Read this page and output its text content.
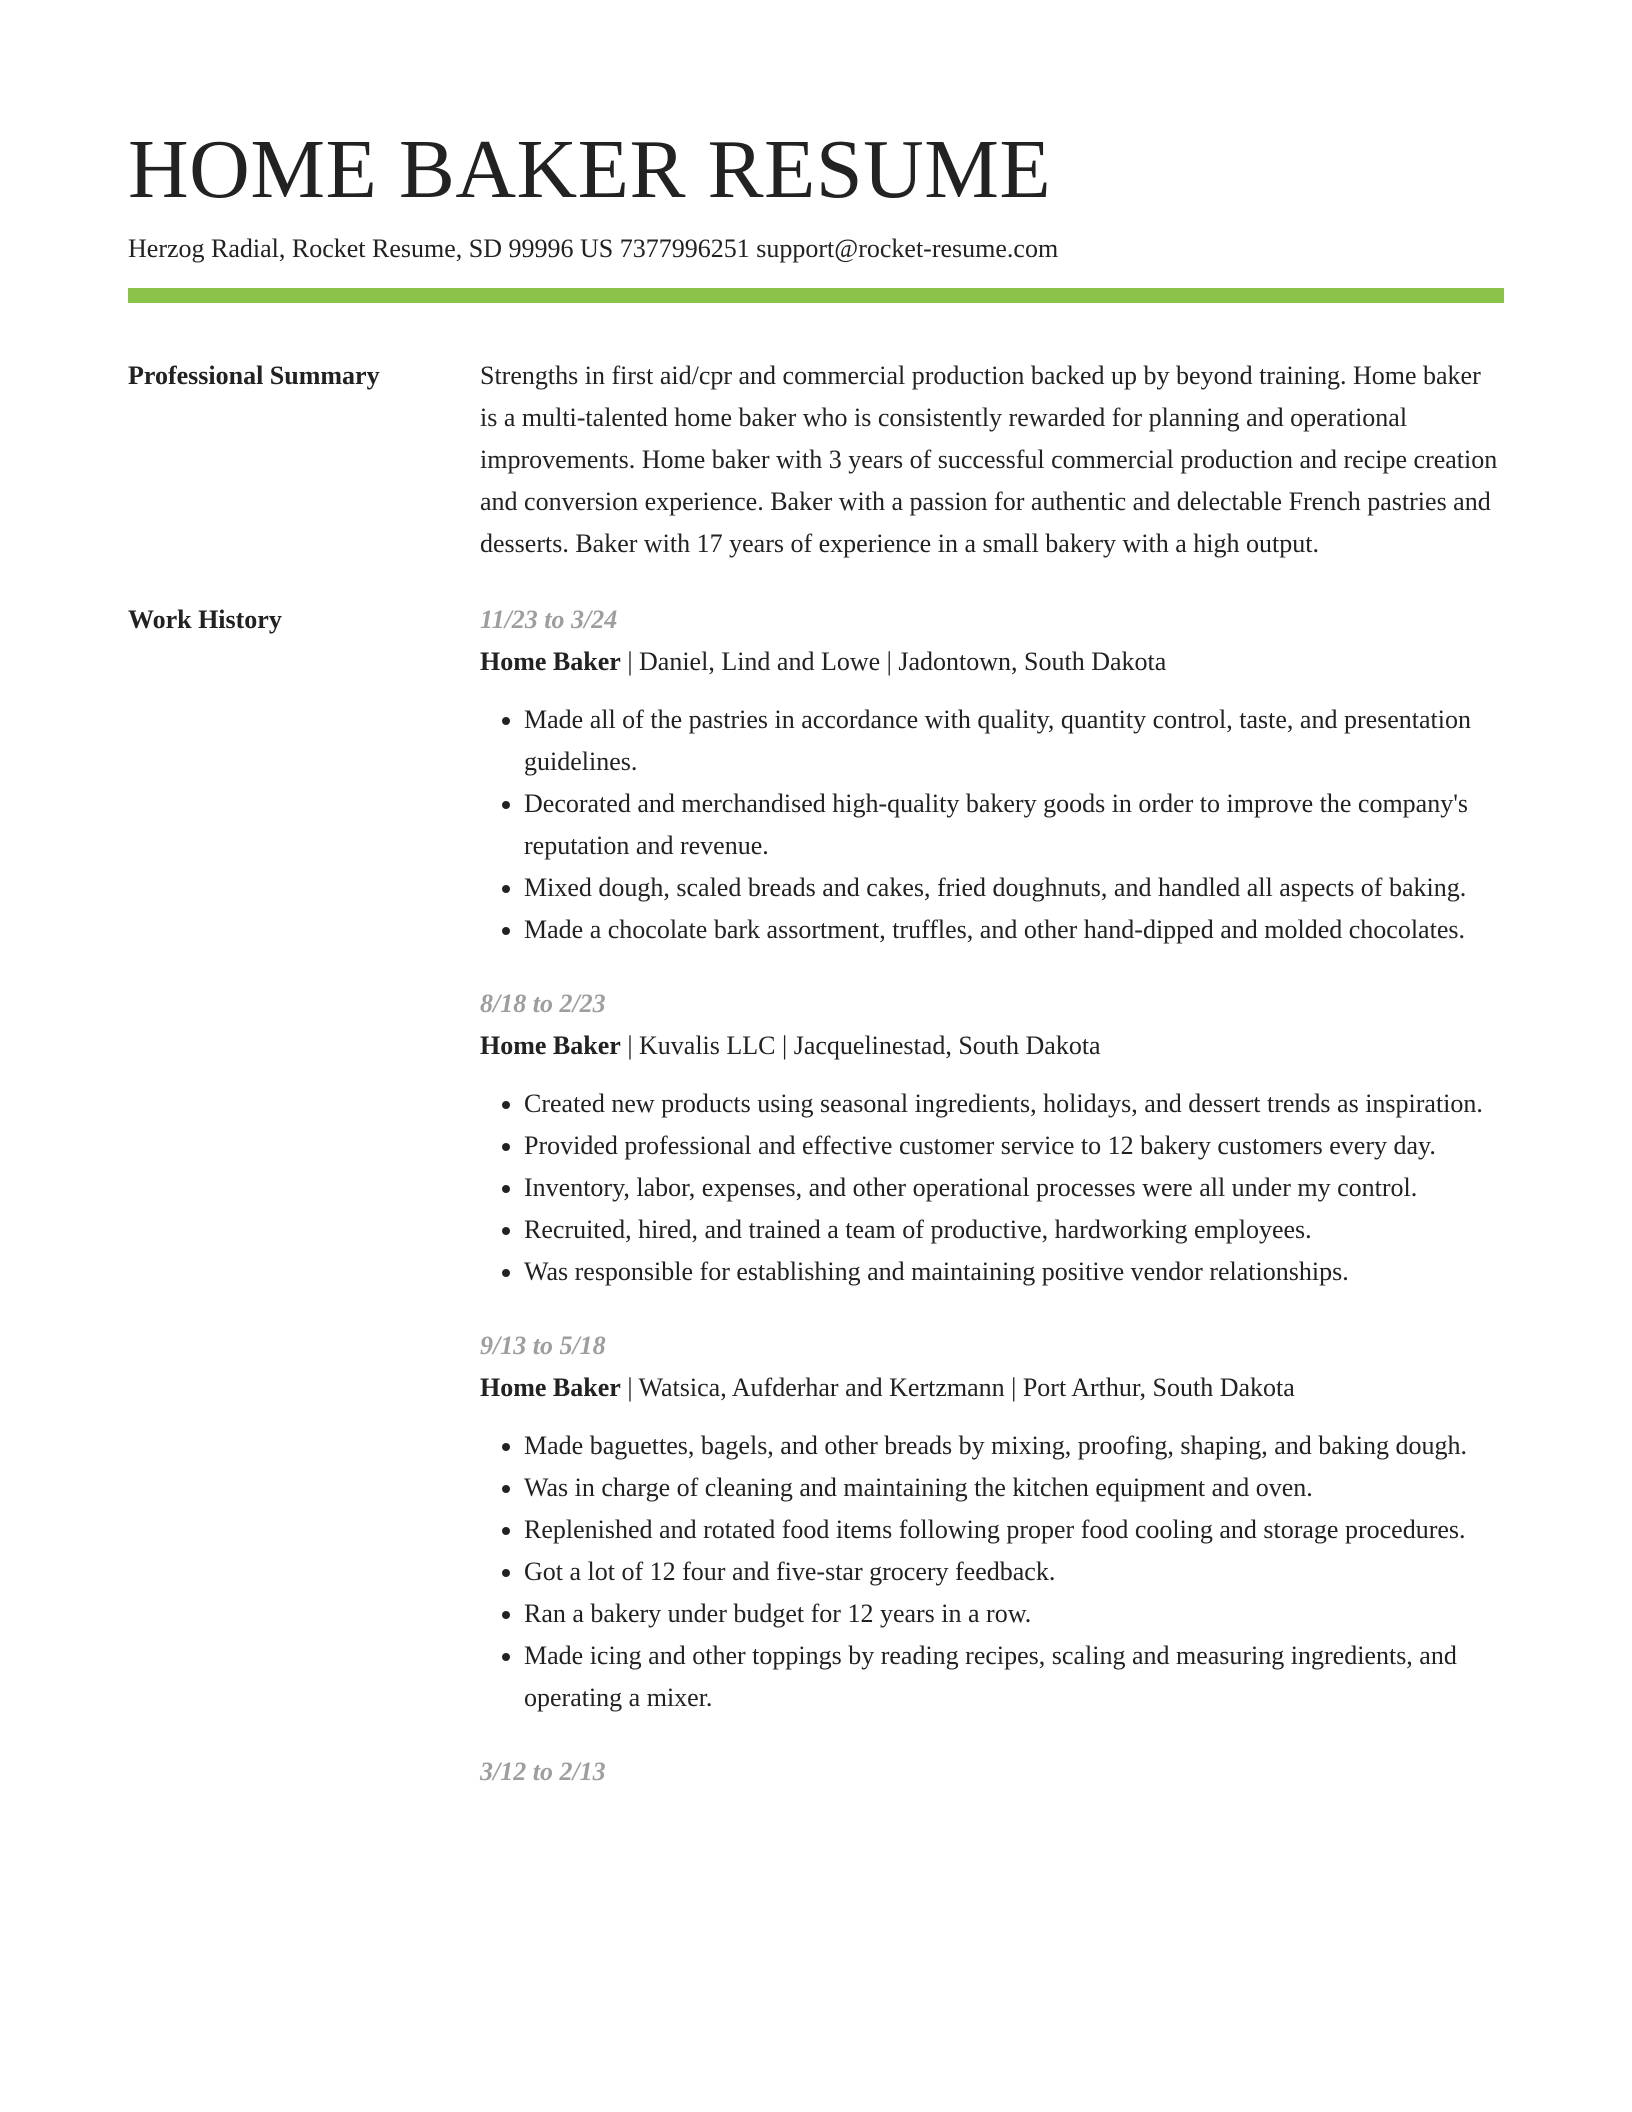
HOME BAKER RESUME
Herzog Radial, Rocket Resume, SD 99996 US 7377996251 support@rocket-resume.com
Professional Summary	Strengths in first aid/cpr and commercial production backed up by beyond training. Home baker is a multi-talented home baker who is consistently rewarded for planning and operational improvements. Home baker with 3 years of successful commercial production and recipe creation and conversion experience. Baker with a passion for authentic and delectable French pastries and desserts. Baker with 17 years of experience in a small bakery with a high output.

Work History	11/23 to 3/24
Home Baker | Daniel, Lind and Lowe | Jadontown, South Dakota
• Made all of the pastries in accordance with quality, quantity control, taste, and presentation guidelines.
• Decorated and merchandised high-quality bakery goods in order to improve the company's reputation and revenue.
• Mixed dough, scaled breads and cakes, fried doughnuts, and handled all aspects of baking.
• Made a chocolate bark assortment, truffles, and other hand-dipped and molded chocolates.
8/18 to 2/23
Home Baker | Kuvalis LLC | Jacquelinestad, South Dakota
• Created new products using seasonal ingredients, holidays, and dessert trends as inspiration.
• Provided professional and effective customer service to 12 bakery customers every day.
• Inventory, labor, expenses, and other operational processes were all under my control.
• Recruited, hired, and trained a team of productive, hardworking employees.
• Was responsible for establishing and maintaining positive vendor relationships.
9/13 to 5/18
Home Baker | Watsica, Aufderhar and Kertzmann | Port Arthur, South Dakota
• Made baguettes, bagels, and other breads by mixing, proofing, shaping, and baking dough.
• Was in charge of cleaning and maintaining the kitchen equipment and oven.
• Replenished and rotated food items following proper food cooling and storage procedures.
• Got a lot of 12 four and five-star grocery feedback.
• Ran a bakery under budget for 12 years in a row.
• Made icing and other toppings by reading recipes, scaling and measuring ingredients, and operating a mixer.
3/12 to 2/13
